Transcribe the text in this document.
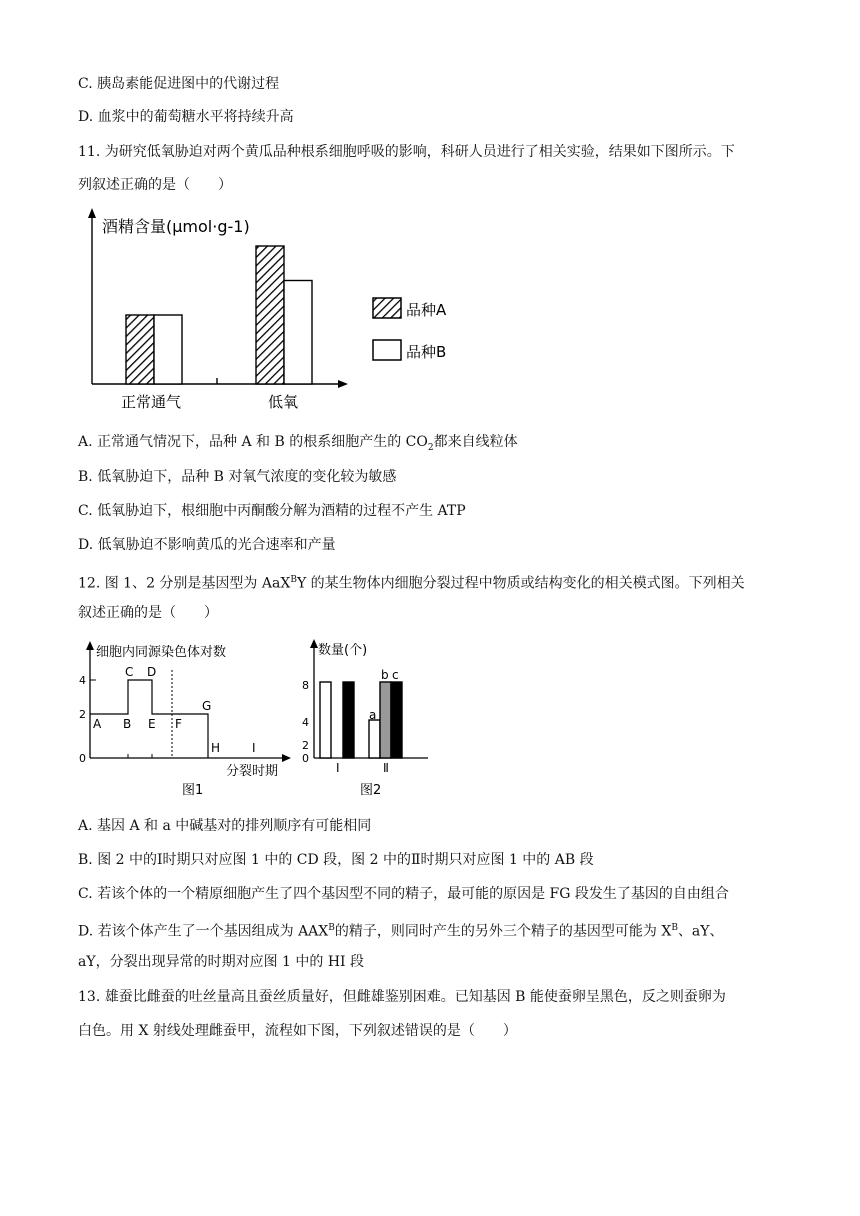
C. 胰岛素能促进图中的代谢过程
D. 血浆中的葡萄糖水平将持续升高
11. 为研究低氧胁迫对两个黄瓜品种根系细胞呼吸的影响，科研人员进行了相关实验，结果如下图所示。下
列叙述正确的是（　　）
酒精含量(μmol·g-1)
正常通气	低氧
品种A
品种B
A. 正常通气情况下，品种 A 和 B 的根系细胞产生的 $CO_2$都来自线粒体
B. 低氧胁迫下，品种 B 对氧气浓度的变化较为敏感
C. 低氧胁迫下，根细胞中丙酮酸分解为酒精的过程不产生 ATP
D. 低氧胁迫不影响黄瓜的光合速率和产量
12. 图 1、2 分别是基因型为 AaX$^B$Y 的某生物体内细胞分裂过程中物质或结构变化的相关模式图。下列相关
叙述正确的是（　　）
细胞内同源染色体对数
0
2
4
A B
C D
E F
G
H	I
分裂时期
图1
数量(个)
0
2
4
8
a
b c
Ⅰ	Ⅱ
图2
A. 基因 A 和 a 中碱基对的排列顺序有可能相同
B. 图 2 中的Ⅰ时期只对应图 1 中的 CD 段，图 2 中的Ⅱ时期只对应图 1 中的 AB 段
C. 若该个体的一个精原细胞产生了四个基因型不同的精子，最可能的原因是 FG 段发生了基因的自由组合
D. 若该个体产生了一个基因组成为 $AAX^B$的精子，则同时产生的另外三个精子的基因型可能为 $X^B$、aY、
aY，分裂出现异常的时期对应图 1 中的 HI 段
13. 雄蚕比雌蚕的吐丝量高且蚕丝质量好，但雌雄鉴别困难。已知基因 B 能使蚕卵呈黑色，反之则蚕卵为
白色。用 X 射线处理雌蚕甲，流程如下图，下列叙述错误的是（　　）
